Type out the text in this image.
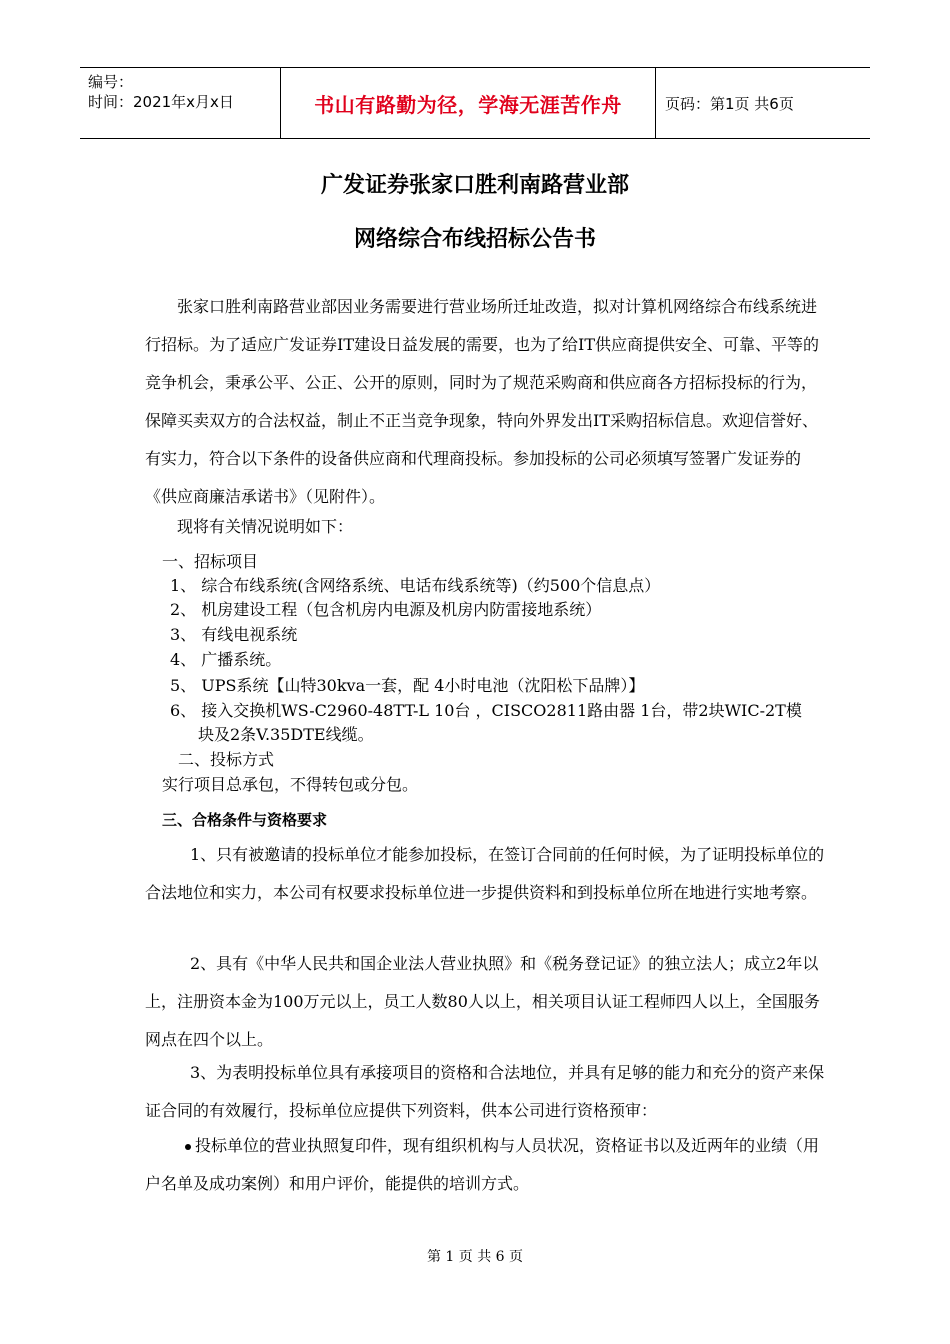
编号：
时间：2021年x月x日	书山有路勤为径，学海无涯苦作舟	页码：第1页 共6页
广发证券张家口胜利南路营业部
网络综合布线招标公告书
张家口胜利南路营业部因业务需要进行营业场所迁址改造，拟对计算机网络综合布线系统进行招标。为了适应广发证券IT建设日益发展的需要，也为了给IT供应商提供安全、可靠、平等的竞争机会，秉承公平、公正、公开的原则，同时为了规范采购商和供应商各方招标投标的行为，保障买卖双方的合法权益，制止不正当竞争现象，特向外界发出IT采购招标信息。欢迎信誉好、有实力，符合以下条件的设备供应商和代理商投标。参加投标的公司必须填写签署广发证券的《供应商廉洁承诺书》（见附件）。
现将有关情况说明如下：
一、招标项目
1、 综合布线系统(含网络系统、电话布线系统等)（约500个信息点）
2、 机房建设工程（包含机房内电源及机房内防雷接地系统）
3、 有线电视系统
4、 广播系统。
5、 UPS系统【山特30kva一套，配 4小时电池（沈阳松下品牌）】
6、 接入交换机WS-C2960-48TT-L 10台 ，CISCO2811路由器 1台，带2块WIC-2T模
块及2条V.35DTE线缆。
二、投标方式
实行项目总承包，不得转包或分包。
三、合格条件与资格要求
1、只有被邀请的投标单位才能参加投标，在签订合同前的任何时候，为了证明投标单位的合法地位和实力，本公司有权要求投标单位进一步提供资料和到投标单位所在地进行实地考察。
2、具有《中华人民共和国企业法人营业执照》和《税务登记证》的独立法人；成立2年以上，注册资本金为100万元以上，员工人数80人以上，相关项目认证工程师四人以上，全国服务网点在四个以上。
3、为表明投标单位具有承接项目的资格和合法地位，并具有足够的能力和充分的资产来保证合同的有效履行，投标单位应提供下列资料，供本公司进行资格预审：
投标单位的营业执照复印件，现有组织机构与人员状况，资格证书以及近两年的业绩（用户名单及成功案例）和用户评价，能提供的培训方式。
第 1 页 共 6 页
